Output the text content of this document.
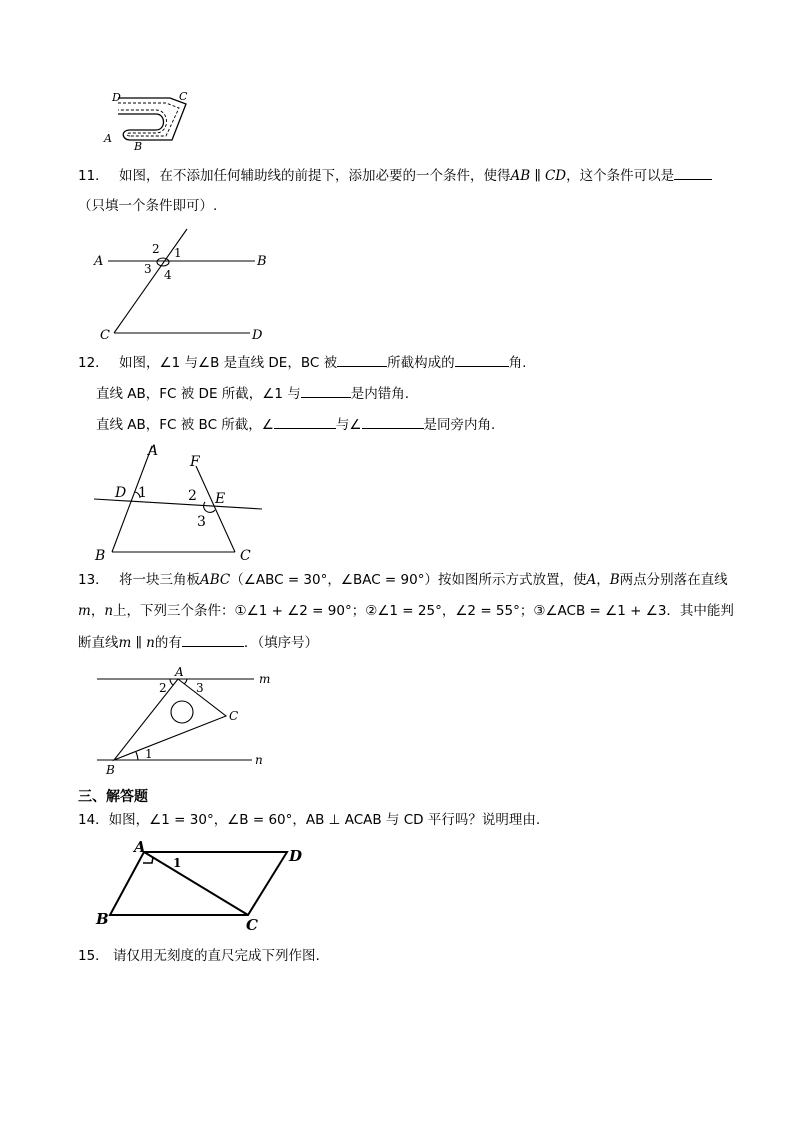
D	C
A
B
11． 如图，在不添加任何辅助线的前提下，添加必要的一个条件，使得AB ∥ CD，这个条件可以是
（只填一个条件即可）.
A	B
C	D
1
2
3 4
12． 如图，∠1 与∠B 是直线 DE，BC 被	所截构成的	角.
直线 AB，FC 被 DE 所截，∠1 与	是内错角.
直线 AB，FC 被 BC 所截，∠	与∠	是同旁内角.
A
F
D 1	2 E
3
B	C
13． 将一块三角板ABC（∠ABC = 30°，∠BAC = 90°）按如图所示方式放置，使A，B两点分别落在直线
m，n上，下列三个条件：①∠1 + ∠2 = 90°；②∠1 = 25°，∠2 = 55°；③∠ACB = ∠1 + ∠3．其中能判
断直线m ∥ n的有	．（填序号）
A	m
2 3
C
1	n
B
三、解答题
14．如图，∠1 = 30°，∠B = 60°，AB ⊥ ACAB 与 CD 平行吗？说明理由.
A	D
1
B	C
15． 请仅用无刻度的直尺完成下列作图.
